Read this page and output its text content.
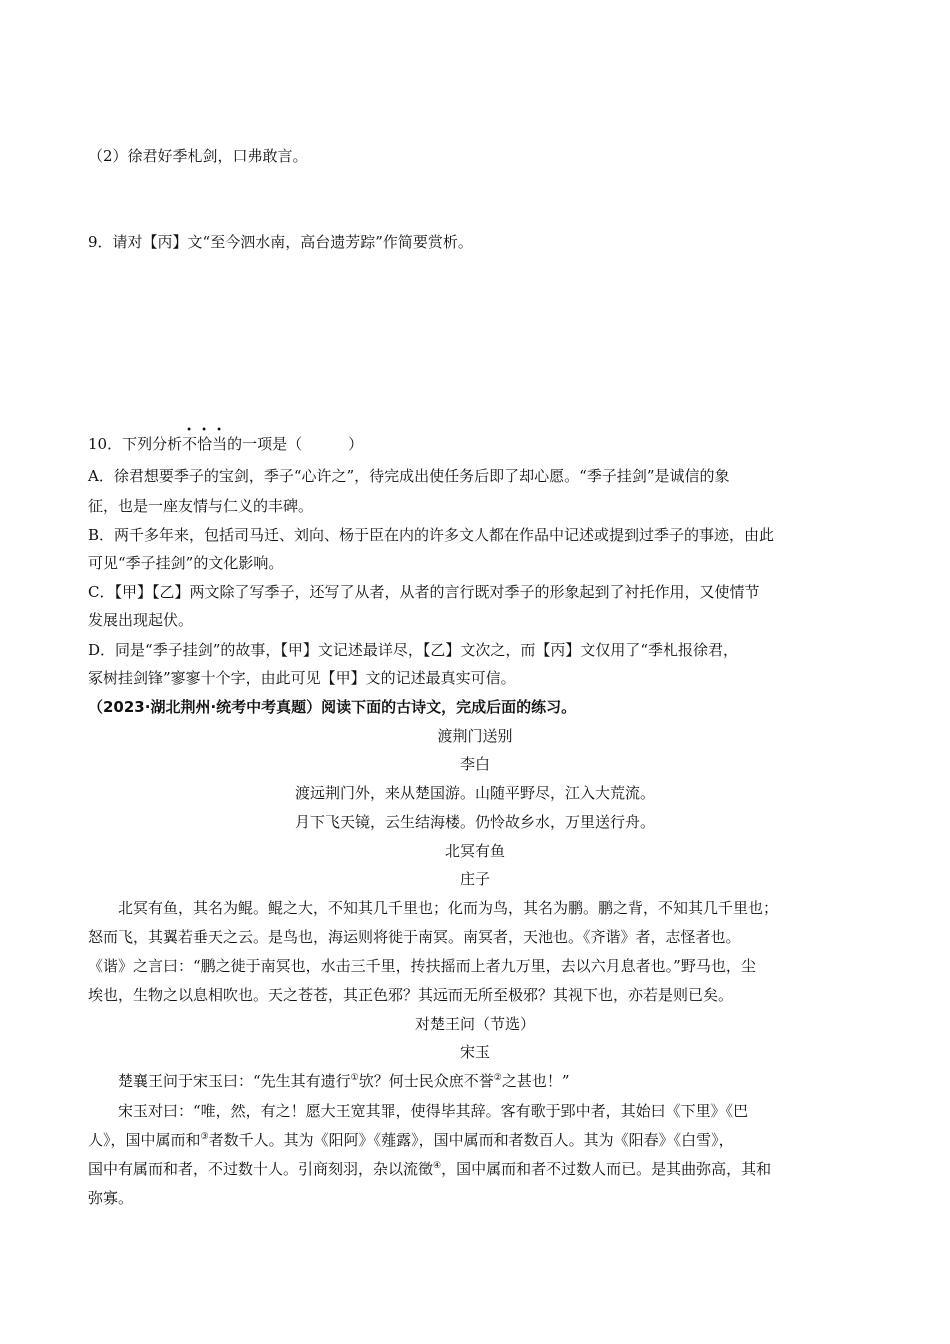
（2）徐君好季札剑，口弗敢言。
9．请对【丙】文“至今泗水南，高台遗芳踪”作简要赏析。
10．下列分析不恰当
• • •
的一项是（	）
A．徐君想要季子的宝剑，季子“心许之”，待完成出使任务后即了却心愿。“季子挂剑”是诚信的象
征，也是一座友情与仁义的丰碑。
B．两千多年来，包括司马迁、刘向、杨于臣在内的许多文人都在作品中记述或提到过季子的事迹，由此
可见“季子挂剑”的文化影响。
C．【甲】【乙】两文除了写季子，还写了从者，从者的言行既对季子的形象起到了衬托作用，又使情节
发展出现起伏。
D．同是“季子挂剑”的故事，【甲】文记述最详尽，【乙】文次之，而【丙】文仅用了“季札报徐君，
冢树挂剑锋”寥寥十个字，由此可见【甲】文的记述最真实可信。
（2023·湖北荆州·统考中考真题）阅读下面的古诗文，完成后面的练习。
渡荆门送别
李白
渡远荆门外，来从楚国游。山随平野尽，江入大荒流。
月下飞天镜，云生结海楼。仍怜故乡水，万里送行舟。
北冥有鱼
庄子
北冥有鱼，其名为鲲。鲲之大，不知其几千里也；化而为鸟，其名为鹏。鹏之背，不知其几千里也；
怒而飞，其翼若垂天之云。是鸟也，海运则将徙于南冥。南冥者，天池也。《齐谐》者，志怪者也。
《谐》之言曰：“鹏之徙于南冥也，水击三千里，抟扶摇而上者九万里，去以六月息者也。”野马也，尘
埃也，生物之以息相吹也。天之苍苍，其正色邪？其远而无所至极邪？其视下也，亦若是则已矣。
对楚王问（节选）
宋玉
楚襄王问于宋玉曰：“先生其有遗行①欤？何士民众庶不誉②之甚也！”
宋玉对曰：“唯，然，有之！愿大王宽其罪，使得毕其辞。客有歌于郢中者，其始曰《下里》《巴
人》，国中属而和③者数千人。其为《阳阿》《薤露》，国中属而和者数百人。其为《阳春》《白雪》，
国中有属而和者，不过数十人。引商刻羽，杂以流徵④，国中属而和者不过数人而已。是其曲弥高，其和
弥寡。
